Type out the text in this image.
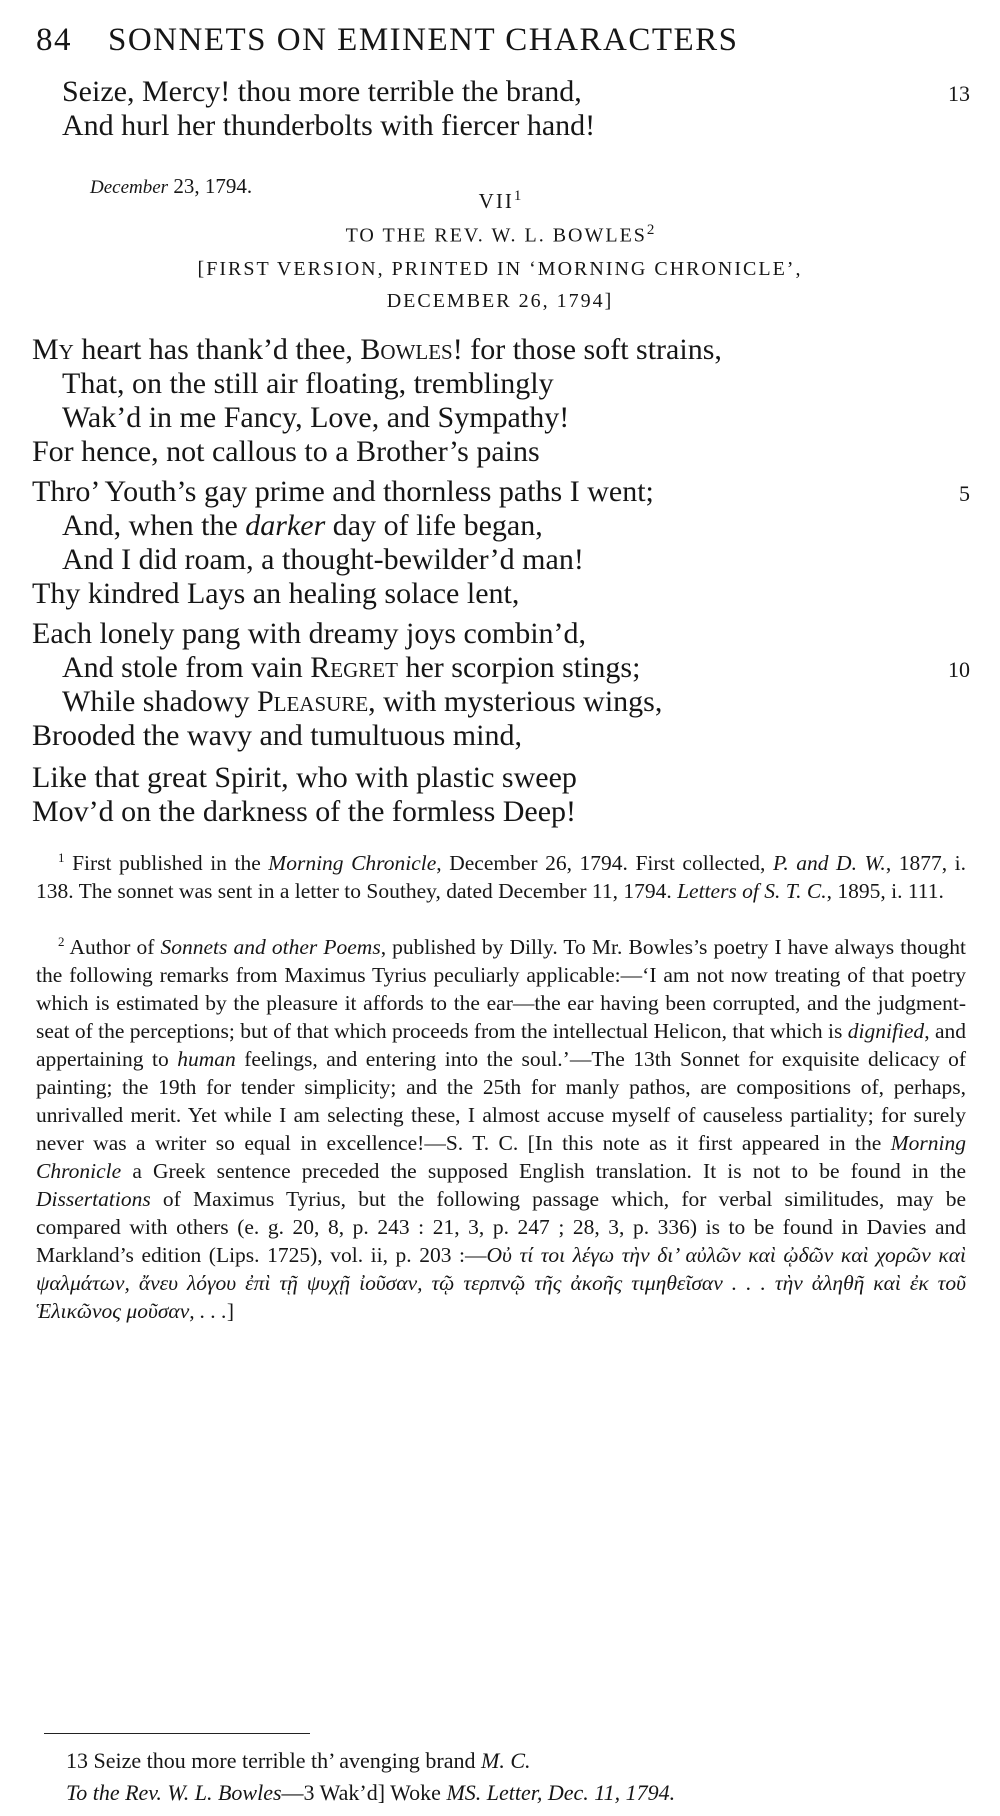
84 SONNETS ON EMINENT CHARACTERS
Seize, Mercy! thou more terrible the brand,	13
And hurl her thunderbolts with fiercer hand!
December 23, 1794.
VII$^1$
TO THE REV. W. L. BOWLES$^2$
[FIRST VERSION, PRINTED IN ‘MORNING CHRONICLE’,
DECEMBER 26, 1794]
My heart has thank’d thee, Bowles! for those soft strains,
That, on the still air floating, tremblingly
Wak’d in me Fancy, Love, and Sympathy!
For hence, not callous to a Brother’s pains
Thro’ Youth’s gay prime and thornless paths I went;	5
And, when the darker day of life began,
And I did roam, a thought-bewilder’d man!
Thy kindred Lays an healing solace lent,
Each lonely pang with dreamy joys combin’d,
And stole from vain Regret her scorpion stings;	10
While shadowy Pleasure, with mysterious wings,
Brooded the wavy and tumultuous mind,
Like that great Spirit, who with plastic sweep
Mov’d on the darkness of the formless Deep!
$^1$ First published in the Morning Chronicle, December 26, 1794. First collected, P. and D. W., 1877, i. 138. The sonnet was sent in a letter to Southey, dated December 11, 1794. Letters of S. T. C., 1895, i. 111.
$^2$ Author of Sonnets and other Poems, published by Dilly. To Mr. Bowles’s poetry I have always thought the following remarks from Maximus Tyrius peculiarly applicable:—‘I am not now treating of that poetry which is estimated by the pleasure it affords to the ear—the ear having been corrupted, and the judgment-seat of the perceptions; but of that which proceeds from the intellectual Helicon, that which is dignified, and appertaining to human feelings, and entering into the soul.’—The 13th Sonnet for exquisite delicacy of painting; the 19th for tender simplicity; and the 25th for manly pathos, are compositions of, perhaps, unrivalled merit. Yet while I am selecting these, I almost accuse myself of causeless partiality; for surely never was a writer so equal in excellence!—S. T. C. [In this note as it first appeared in the Morning Chronicle a Greek sentence preceded the supposed English translation. It is not to be found in the Dissertations of Maximus Tyrius, but the following passage which, for verbal similitudes, may be compared with others (e. g. 20, 8, p. 243 : 21, 3, p. 247 ; 28, 3, p. 336) is to be found in Davies and Markland’s edition (Lips. 1725), vol. ii, p. 203 :—Οὐ τί τοι λέγω τὴν δι’ αὐλῶν καὶ ᾠδῶν καὶ χορῶν καὶ ψαλμάτων, ἄνευ λόγου ἐπὶ τῇ ψυχῇ ἰοῦσαν, τῷ τερπνῷ τῆς ἀκοῆς τιμηθεῖσαν . . . τὴν ἀληθῆ καὶ ἐκ τοῦ Ἑλικῶνος μοῦσαν, . . .]
13 Seize thou more terrible th’ avenging brand M. C.
To the Rev. W. L. Bowles—3 Wak’d] Woke MS. Letter, Dec. 11, 1794.
